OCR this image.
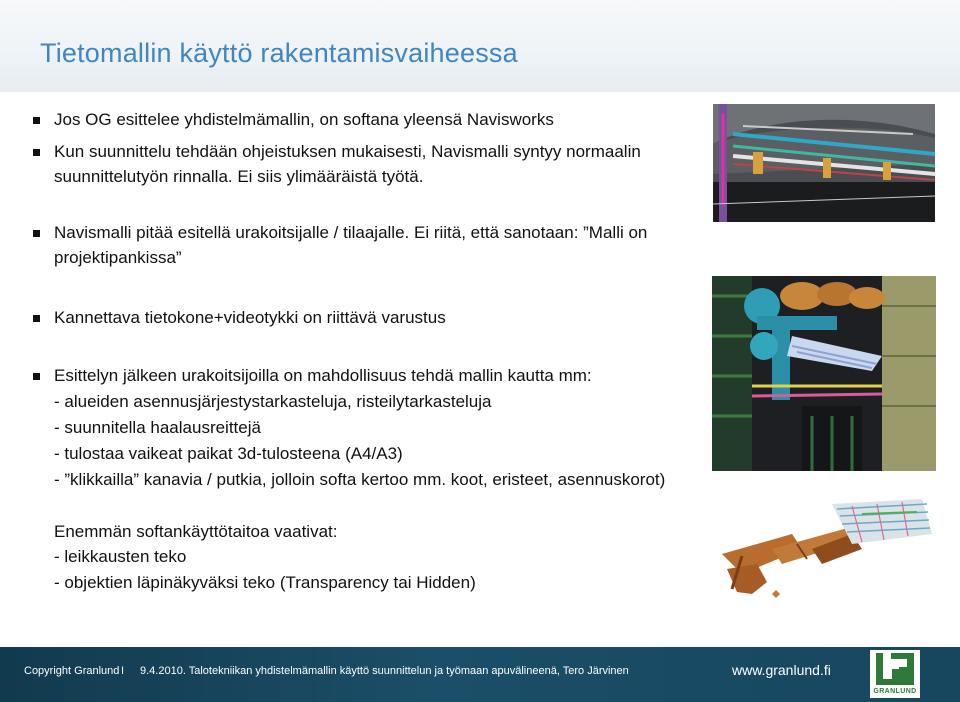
Tietomallin käyttö rakentamisvaiheessa
Jos OG esittelee yhdistelmämallin, on softana yleensä Navisworks
Kun suunnittelu tehdään ohjeistuksen mukaisesti, Navismalli syntyy normaalin
suunnittelutyön rinnalla. Ei siis ylimääräistä työtä.
Navismalli pitää esitellä urakoitsijalle / tilaajalle. Ei riitä, että sanotaan: ”Malli on
projektipankissa”
Kannettava tietokone+videotykki on riittävä varustus
Esittelyn jälkeen urakoitsijoilla on mahdollisuus tehdä mallin kautta mm:
- alueiden asennusjärjestystarkasteluja, risteilytarkasteluja
- suunnitella haalausreittejä
- tulostaa vaikeat paikat 3d-tulosteena (A4/A3)
- ”klikkailla” kanavia / putkia, jolloin softa kertoo mm. koot, eristeet, asennuskorot)
Enemmän softankäyttötaitoa vaativat:
- leikkausten teko
- objektien läpinäkyväksi teko (Transparency tai Hidden)
Copyright Granlund I 9.4.2010. Talotekniikan yhdistelmämallin käyttö suunnittelun ja työmaan apuvälineenä, Tero Järvinen	www.granlund.fi
GRANLUND
